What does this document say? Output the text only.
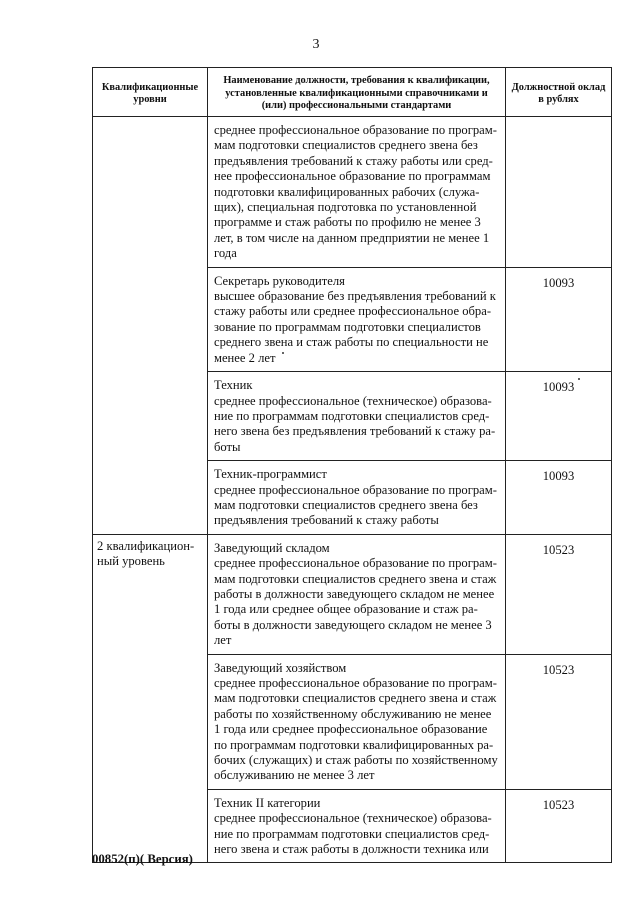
3
Квалификационные уровни	Наименование должности, требования к квалификации, установленные квалификационными справочниками и (или) профессиональными стандартами	Должностной оклад в рублях

	среднее профессиональное образование по програм-мам подготовки специалистов среднего звена без предъявления требований к стажу работы или сред-нее профессиональное образование по программам подготовки квалифицированных рабочих (служа-щих), специальная подготовка по установленной программе и стаж работы по профилю не менее 3 лет, в том числе на данном предприятии не менее 1 года	

	Секретарь руководителя
высшее образование без предъявления требований к стажу работы или среднее профессиональное обра-зование по программам подготовки специалистов среднего звена и стаж работы по специальности не менее 2 лет	10093

	Техник
среднее профессиональное (техническое) образова-ние по программам подготовки специалистов сред-него звена без предъявления требований к стажу ра-боты	10093

	Техник-программист
среднее профессиональное образование по програм-мам подготовки специалистов среднего звена без предъявления требований к стажу работы	10093
2 квалификацион-ный уровень	Заведующий складом
среднее профессиональное образование по програм-мам подготовки специалистов среднего звена и стаж работы в должности заведующего складом не менее 1 года или среднее общее образование и стаж ра-боты в должности заведующего складом не менее 3 лет	10523

	Заведующий хозяйством
среднее профессиональное образование по програм-мам подготовки специалистов среднего звена и стаж работы по хозяйственному обслуживанию не менее 1 года или среднее профессиональное образование по программам подготовки квалифицированных ра-бочих (служащих) и стаж работы по хозяйственному обслуживанию не менее 3 лет	10523

	Техник II категории
среднее профессиональное (техническое) образова-ние по программам подготовки специалистов сред-него звена и стаж работы в должности техника или	10523
00852(п)( Версия)
